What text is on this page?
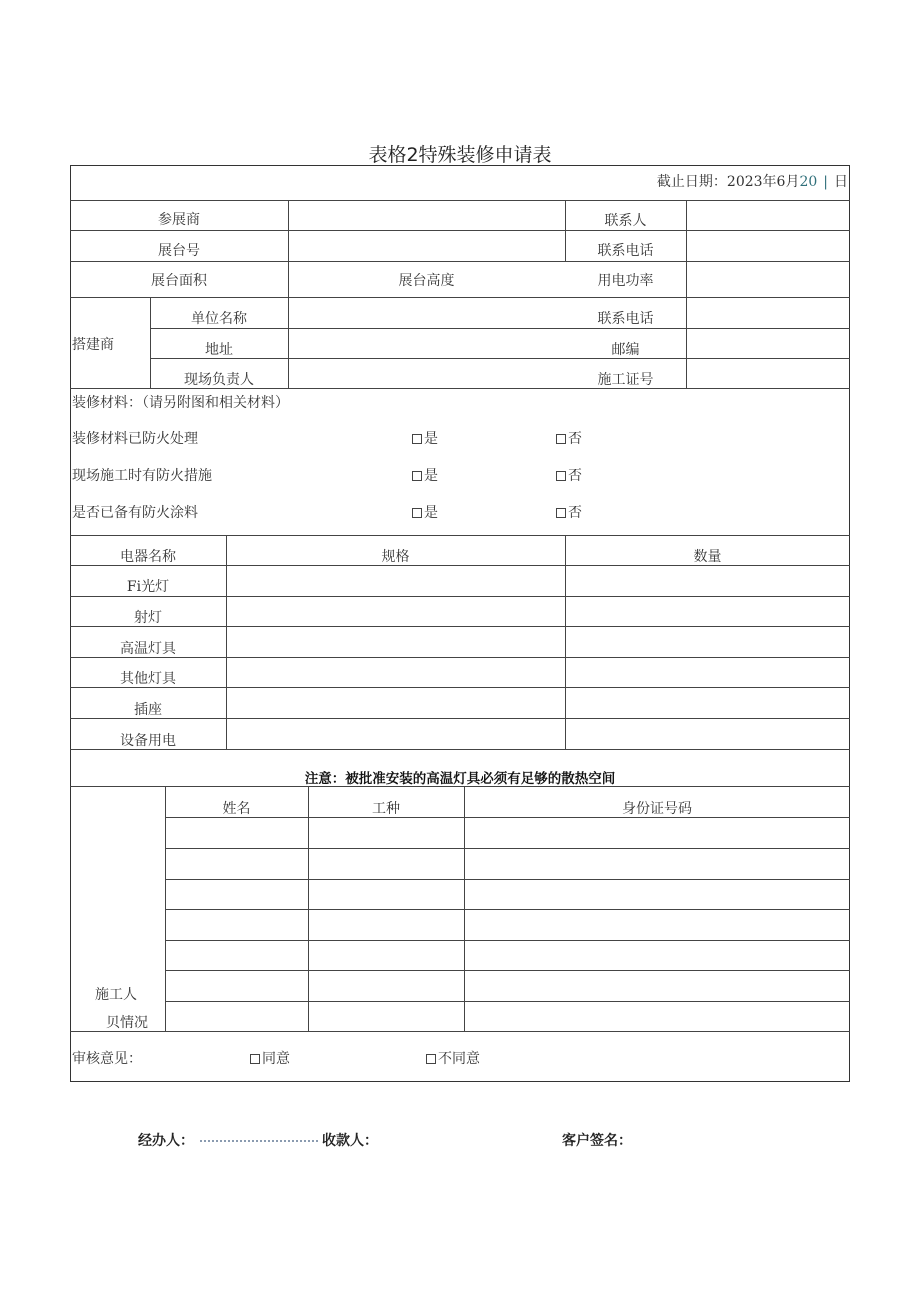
表格2特殊装修申请表
截止日期：2023年6月20 | 日
参展商	联系人
展台号	联系电话
展台面积	展台高度	用电功率
搭建商
单位名称	联系电话
地址	邮编
现场负责人	施工证号
装修材料：（请另附图和相关材料）
装修材料已防火处理	是	否
现场施工时有防火措施	是	否
是否已备有防火涂料	是	否
电器名称	规格	数量
Fi光灯
射灯
高温灯具
其他灯具
插座
设备用电
注意：被批准安装的高温灯具必须有足够的散热空间
姓名	工种	身份证号码
施工人
贝情况
审核意见：	同意	不同意
经办人：	收款人：	客户签名：
